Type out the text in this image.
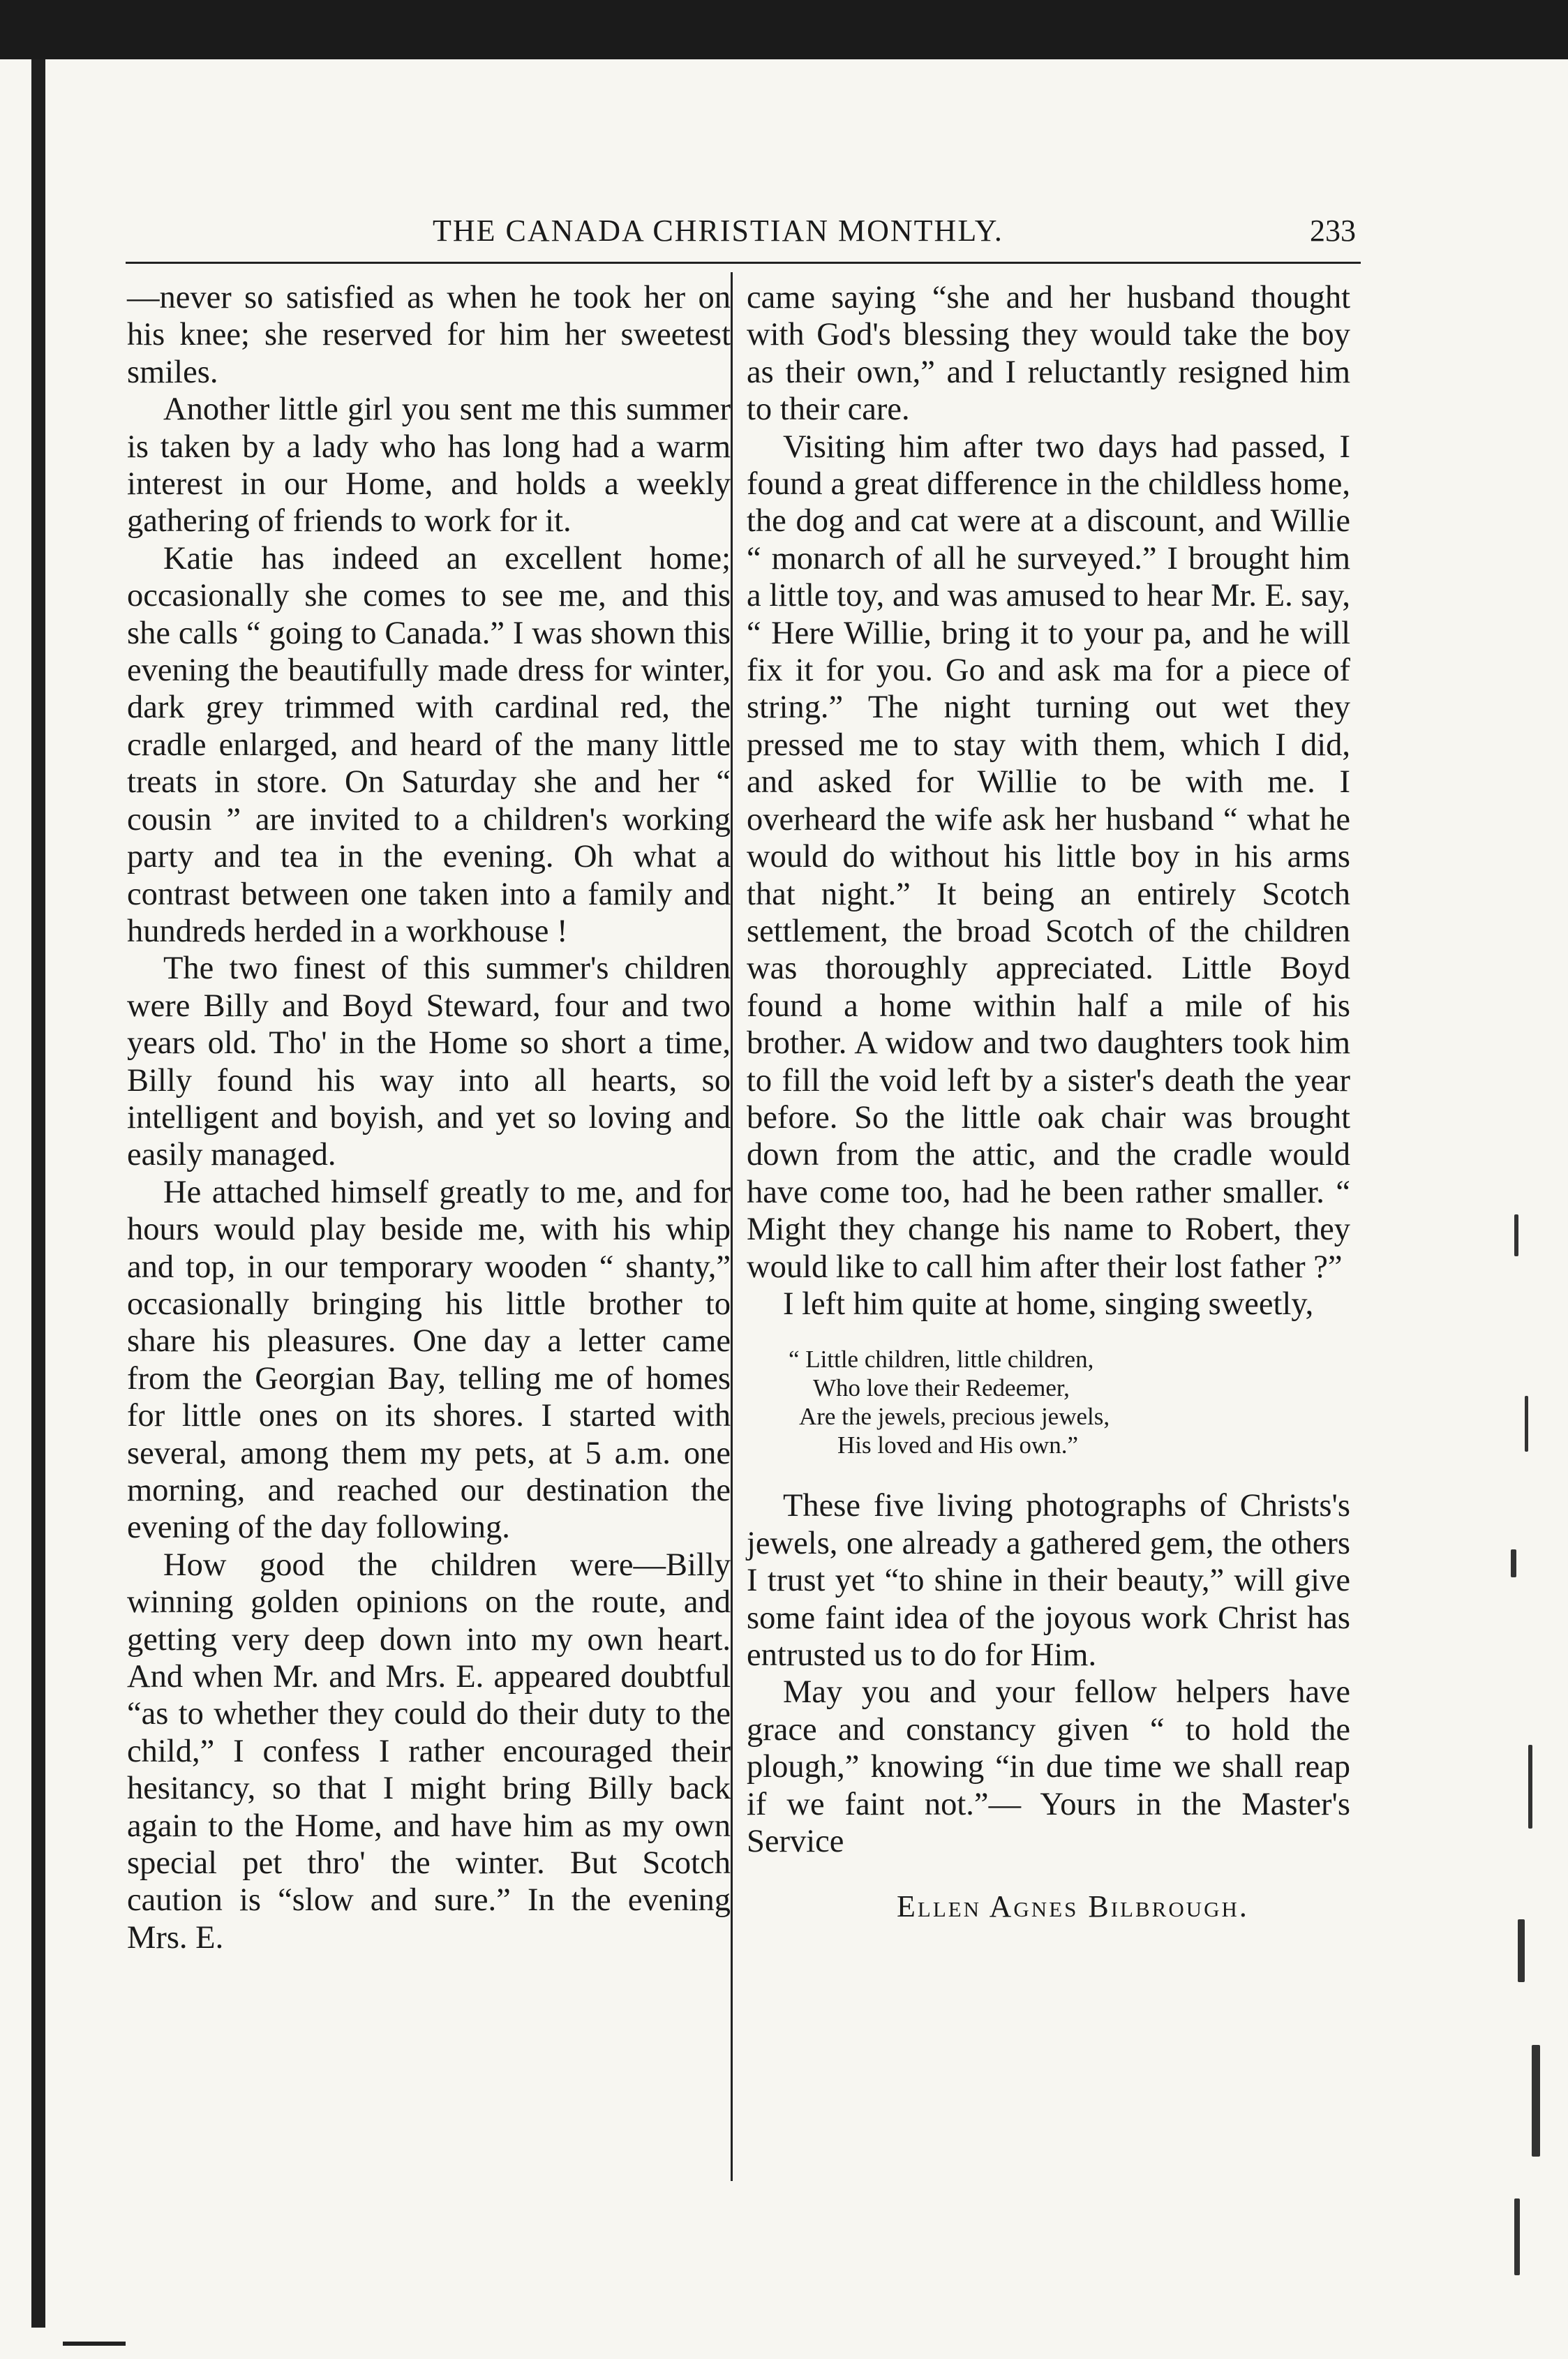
THE CANADA CHRISTIAN MONTHLY.	233

—never so satisfied as when he took her on his knee; she reserved for him her sweetest smiles.

Another little girl you sent me this summer is taken by a lady who has long had a warm interest in our Home, and holds a weekly gathering of friends to work for it.

Katie has indeed an excellent home; occasionally she comes to see me, and this she calls “ going to Canada.” I was shown this evening the beautifully made dress for winter, dark grey trimmed with cardinal red, the cradle enlarged, and heard of the many little treats in store. On Saturday she and her “ cousin ” are invited to a children's working party and tea in the evening. Oh what a contrast between one taken into a family and hundreds herded in a workhouse !

The two finest of this summer's children were Billy and Boyd Steward, four and two years old. Tho' in the Home so short a time, Billy found his way into all hearts, so intelligent and boyish, and yet so loving and easily managed.

He attached himself greatly to me, and for hours would play beside me, with his whip and top, in our temporary wooden “ shanty,” occasionally bringing his little brother to share his pleasures. One day a letter came from the Georgian Bay, telling me of homes for little ones on its shores. I started with several, among them my pets, at 5 a.m. one morning, and reached our destination the evening of the day following.

How good the children were—Billy winning golden opinions on the route, and getting very deep down into my own heart. And when Mr. and Mrs. E. appeared doubtful “as to whether they could do their duty to the child,” I confess I rather encouraged their hesitancy, so that I might bring Billy back again to the Home, and have him as my own special pet thro' the winter. But Scotch caution is “slow and sure.” In the evening Mrs. E.

came saying “she and her husband thought with God's blessing they would take the boy as their own,” and I reluctantly resigned him to their care.

Visiting him after two days had passed, I found a great difference in the childless home, the dog and cat were at a discount, and Willie “ monarch of all he surveyed.” I brought him a little toy, and was amused to hear Mr. E. say, “ Here Willie, bring it to your pa, and he will fix it for you. Go and ask ma for a piece of string.” The night turning out wet they pressed me to stay with them, which I did, and asked for Willie to be with me. I overheard the wife ask her husband “ what he would do without his little boy in his arms that night.” It being an entirely Scotch settlement, the broad Scotch of the children was thoroughly appreciated. Little Boyd found a home within half a mile of his brother. A widow and two daughters took him to fill the void left by a sister's death the year before. So the little oak chair was brought down from the attic, and the cradle would have come too, had he been rather smaller. “ Might they change his name to Robert, they would like to call him after their lost father ?”

I left him quite at home, singing sweetly,

“ Little children, little children,
Who love their Redeemer,
Are the jewels, precious jewels,
His loved and His own.”

These five living photographs of Christs's jewels, one already a gathered gem, the others I trust yet “to shine in their beauty,” will give some faint idea of the joyous work Christ has entrusted us to do for Him.

May you and your fellow helpers have grace and constancy given “ to hold the plough,” knowing “in due time we shall reap if we faint not.”— Yours in the Master's Service

Ellen Agnes Bilbrough.
